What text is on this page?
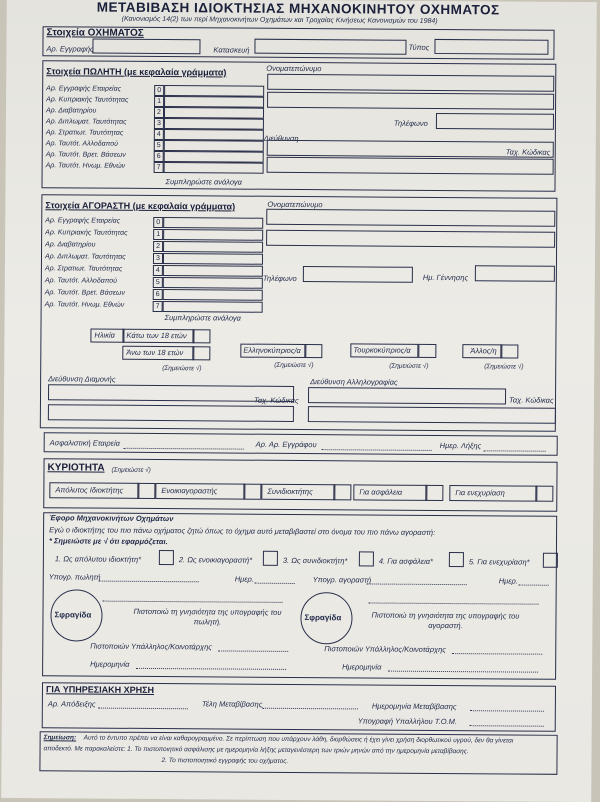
ΜΕΤΑΒΙΒΑΣΗ ΙΔΙΟΚΤΗΣΙΑΣ ΜΗΧΑΝΟΚΙΝΗΤΟΥ ΟΧΗΜΑΤΟΣ
(Κανονισμός 14(2) των περί Μηχανοκινήτων Οχημάτων και Τροχαίας Κινήσεως Κανονισμών του 1984)
Στοιχεία ΟΧΗΜΑΤΟΣ
Αρ. Εγγραφής	Κατασκευή	Τύπος
Στοιχεία ΠΩΛΗΤΗ (με κεφαλαία γράμματα)
Αρ. Εγγραφής Εταιρείας	0
Αρ. Κυπριακής Ταυτότητας	1
Αρ. Διαβατηρίου	2
Αρ. Διπλωματ. Ταυτότητας	3
Αρ. Στρατιωτ. Ταυτότητας	4
Αρ. Ταυτότ. Αλλοδαπού	5
Αρ. Ταυτότ. Βρετ. Βάσεων	6
Αρ. Ταυτότ. Ηνωμ. Εθνών	7
Συμπληρώστε ανάλογα
Ονοματεπώνυμο
Τηλέφωνο
Διεύθυνση
Ταχ. Κώδικας
Στοιχεία ΑΓΟΡΑΣΤΗ (με κεφαλαία γράμματα)
Αρ. Εγγραφής Εταιρείας	0
Αρ. Κυπριακής Ταυτότητας	1
Αρ. Διαβατηρίου	2
Αρ. Διπλωματ. Ταυτότητας	3
Αρ. Στρατιωτ. Ταυτότητας	4
Αρ. Ταυτότ. Αλλοδαπού	5
Αρ. Ταυτότ. Βρετ. Βάσεων	6
Αρ. Ταυτότ. Ηνωμ. Εθνών	7
Συμπληρώστε ανάλογα
Ονοματεπώνυμο
Τηλέφωνο	Ημ. Γέννησης
Ηλικία Κάτω των 18 ετών
Άνω των 18 ετών
(Σημειώστε √)
Ελληνοκύπριος/α
(Σημειώστε √)
Τουρκοκύπριος/α
(Σημειώστε √)
Άλλος/η
(Σημειώστε √)
Διεύθυνση Διαμονής
Ταχ. Κώδικας
Διεύθυνση Αλληλογραφίας
Ταχ. Κώδικας
Ασφαλιστική Εταιρεία	Αρ. Αρ. Εγγράφου	Ημερ. Λήξης
ΚΥΡΙΟΤΗΤΑ (Σημειώστε √)
Απόλυτος Ιδιοκτήτης	Ενοικιαγοραστής	Συνιδιοκτήτης	Για ασφάλεια	Για ενεχυρίαση
Έφορο Μηχανοκινήτων Οχημάτων
Εγώ ο ιδιοκτήτης του πιο πάνω οχήματος ζητώ όπως το όχημα αυτό μεταβιβαστεί στο όνομα του πιο πάνω αγοραστή:
* Σημειώστε με √ ότι εφαρμόζεται.
1. Ως απόλυτου ιδιοκτήτη*	2. Ως ενοικιαγοραστή*	3. Ως συνιδιοκτήτη*	4. Για ασφάλεια*	5. Για ενεχυρίαση*
Υπογρ. πωλητή	Ημερ.	Υπογρ. αγοραστή	Ημερ.
Σφραγίδα	Σφραγίδα
Πιστοποιώ τη γνησιότητα της υπογραφής του πωλητή.
Πιστοποιώ τη γνησιότητα της υπογραφής του αγοραστή.
Πιστοποιών Υπάλληλος/Κοινοτάρχης	Πιστοποιών Υπάλληλος/Κοινοτάρχης
Ημερομηνία	Ημερομηνία
ΓΙΑ ΥΠΗΡΕΣΙΑΚΗ ΧΡΗΣΗ
Αρ. Απόδειξης	Τέλη Μεταβίβασης	Ημερομηνία Μεταβίβασης
Υπογραφή Υπαλλήλου Τ.Ο.Μ.
Σημείωση: Αυτό το έντυπο πρέπει να είναι καθαρογραμμένο. Σε περίπτωση που υπάρχουν λάθη, διορθώσεις ή έχει γίνει χρήση διορθωτικού υγρού, δεν θα γίνεται
αποδεκτό. Με παρακαλείστε: 1. Το πιστοποιητικό ασφάλισης με ημερομηνία λήξης μεταγενέστερη των τριών μηνών από την ημερομηνία μεταβίβασης.
2. Το πιστοποιητικό εγγραφής του οχήματος.
